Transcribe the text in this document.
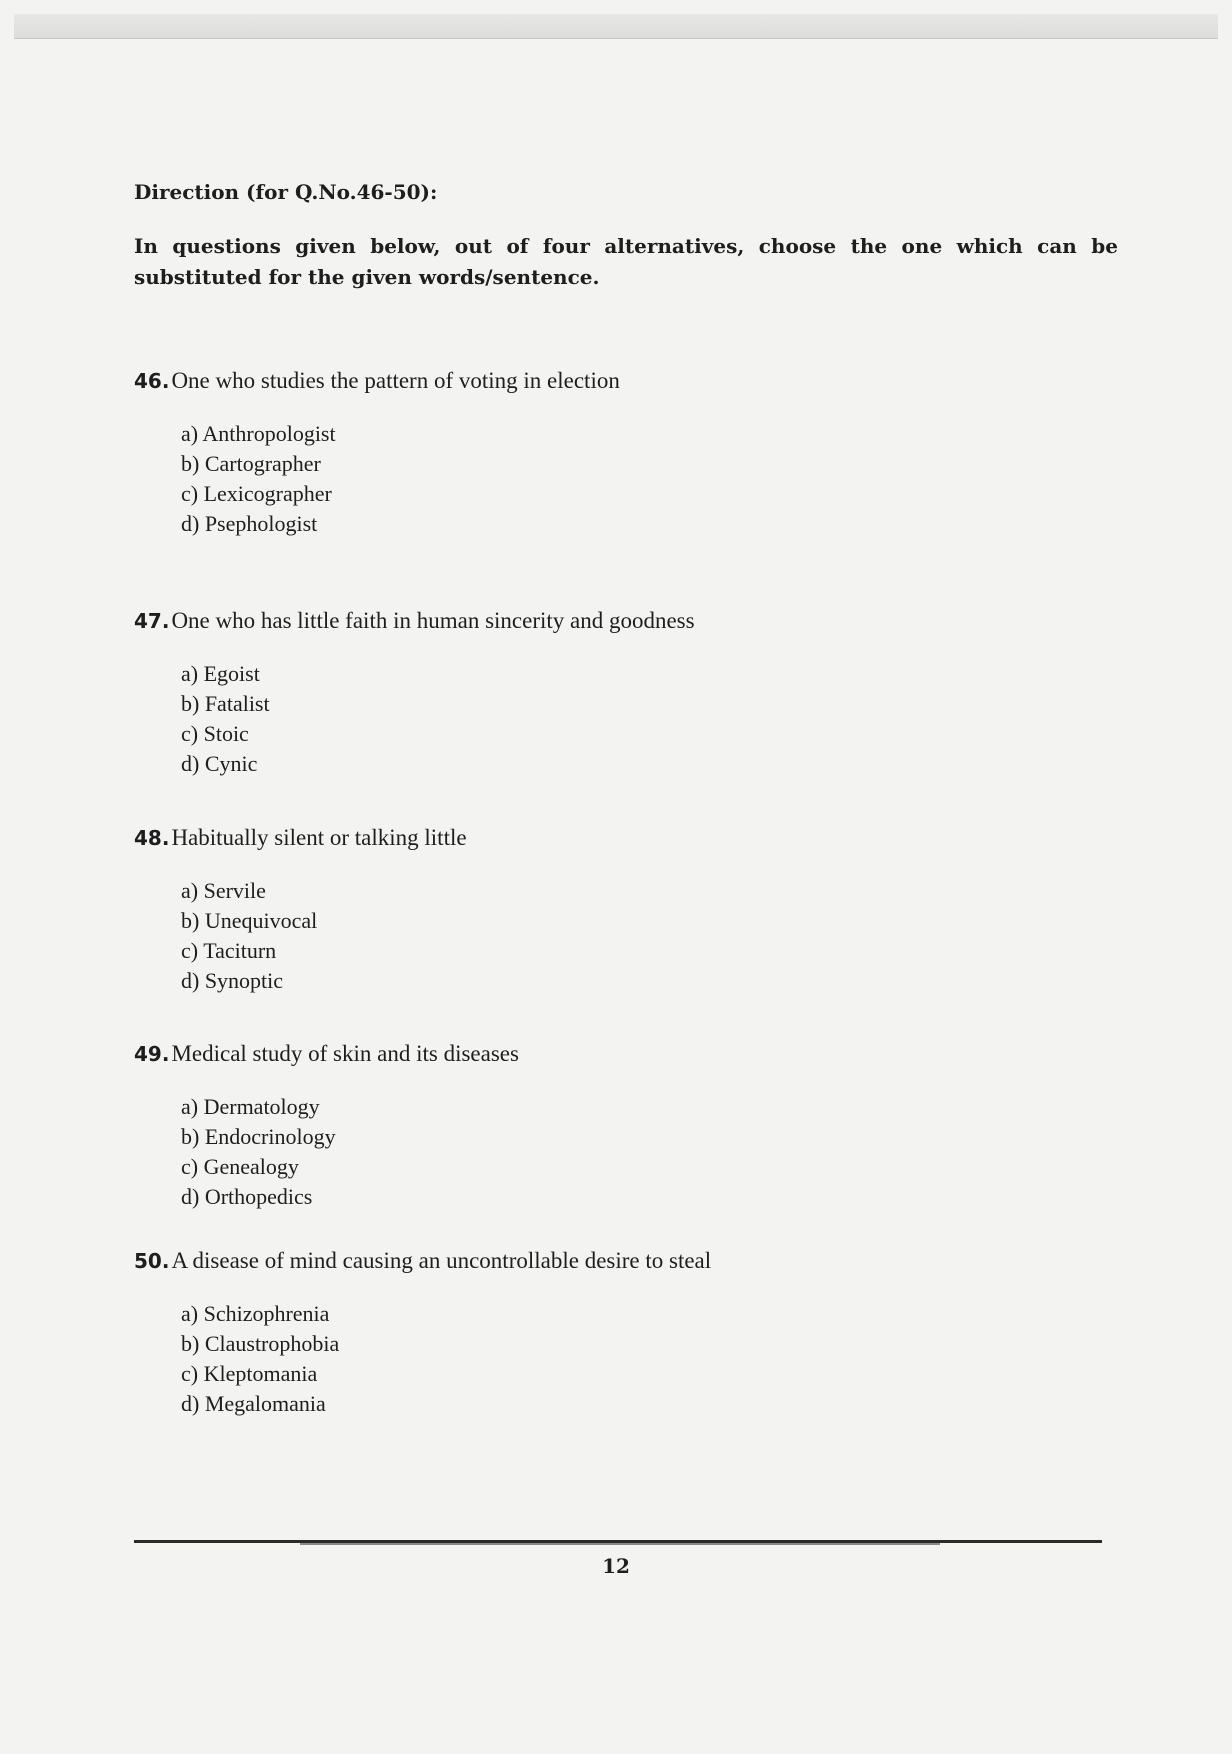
Direction (for Q.No.46-50):
In questions given below, out of four alternatives, choose the one which can be substituted for the given words/sentence.
46.One who studies the pattern of voting in election
a) Anthropologist
b) Cartographer
c) Lexicographer
d) Psephologist
47.One who has little faith in human sincerity and goodness
a) Egoist
b) Fatalist
c) Stoic
d) Cynic
48.Habitually silent or talking little
a) Servile
b) Unequivocal
c) Taciturn
d) Synoptic
49.Medical study of skin and its diseases
a) Dermatology
b) Endocrinology
c) Genealogy
d) Orthopedics
50.A disease of mind causing an uncontrollable desire to steal
a) Schizophrenia
b) Claustrophobia
c) Kleptomania
d) Megalomania
12
